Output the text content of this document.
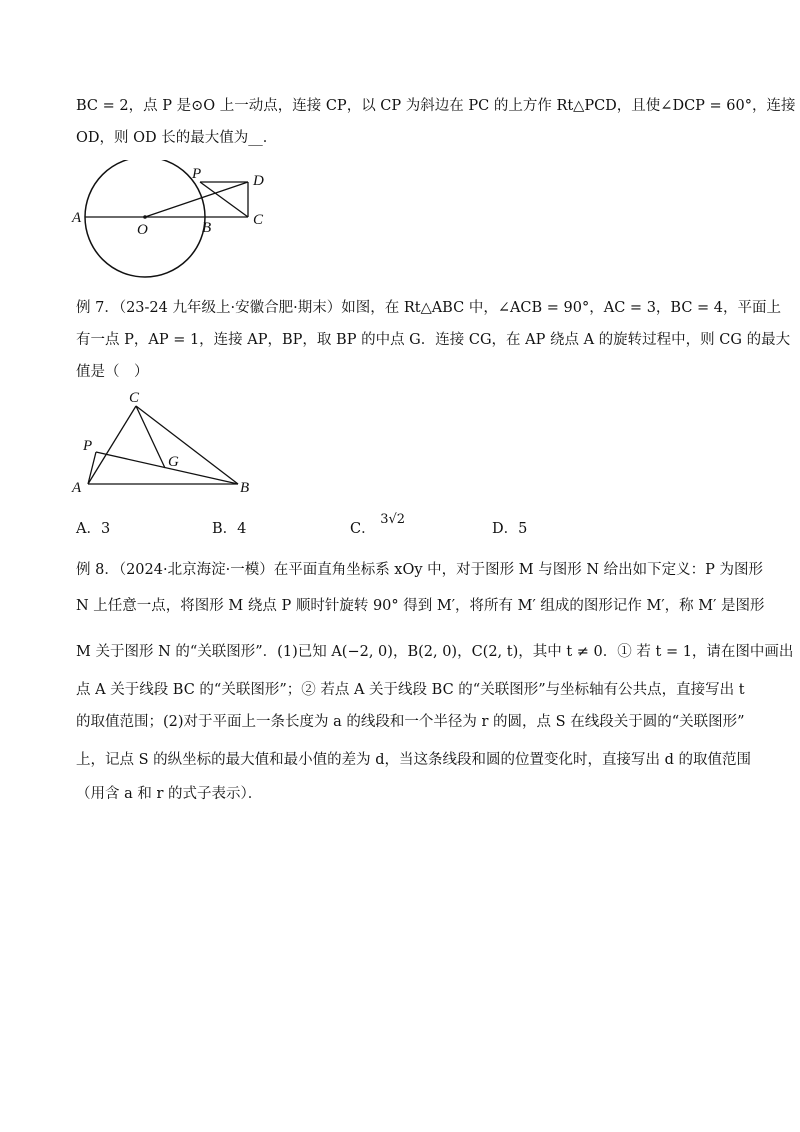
BC = 2，点 P 是⊙O 上一动点，连接 CP，以 CP 为斜边在 PC 的上方作 Rt△PCD，且使∠DCP = 60°，连接
OD，则 OD 长的最大值为__．
P	D
A
O	B	C
例 7．（23-24 九年级上·安徽合肥·期末）如图，在 Rt△ABC 中，∠ACB = 90°，AC = 3，BC = 4，平面上
有一点 P，AP = 1，连接 AP，BP，取 BP 的中点 G．连接 CG，在 AP 绕点 A 的旋转过程中，则 CG 的最大
值是（　）
C
P
G
A	B
A．3	B．4	C． 3√2
D．5
例 8．（2024·北京海淀·一模）在平面直角坐标系 xOy 中，对于图形 M 与图形 N 给出如下定义：P 为图形
N 上任意一点，将图形 M 绕点 P 顺时针旋转 90° 得到 M′，将所有 M′ 组成的图形记作 M′，称 M′ 是图形
M 关于图形 N 的“关联图形”．(1)已知 A(−2, 0)，B(2, 0)，C(2, t)，其中 t ≠ 0．① 若 t = 1，请在图中画出
点 A 关于线段 BC 的“关联图形”；② 若点 A 关于线段 BC 的“关联图形”与坐标轴有公共点，直接写出 t
的取值范围；(2)对于平面上一条长度为 a 的线段和一个半径为 r 的圆，点 S 在线段关于圆的“关联图形”
上，记点 S 的纵坐标的最大值和最小值的差为 d，当这条线段和圆的位置变化时，直接写出 d 的取值范围
（用含 a 和 r 的式子表示）．
